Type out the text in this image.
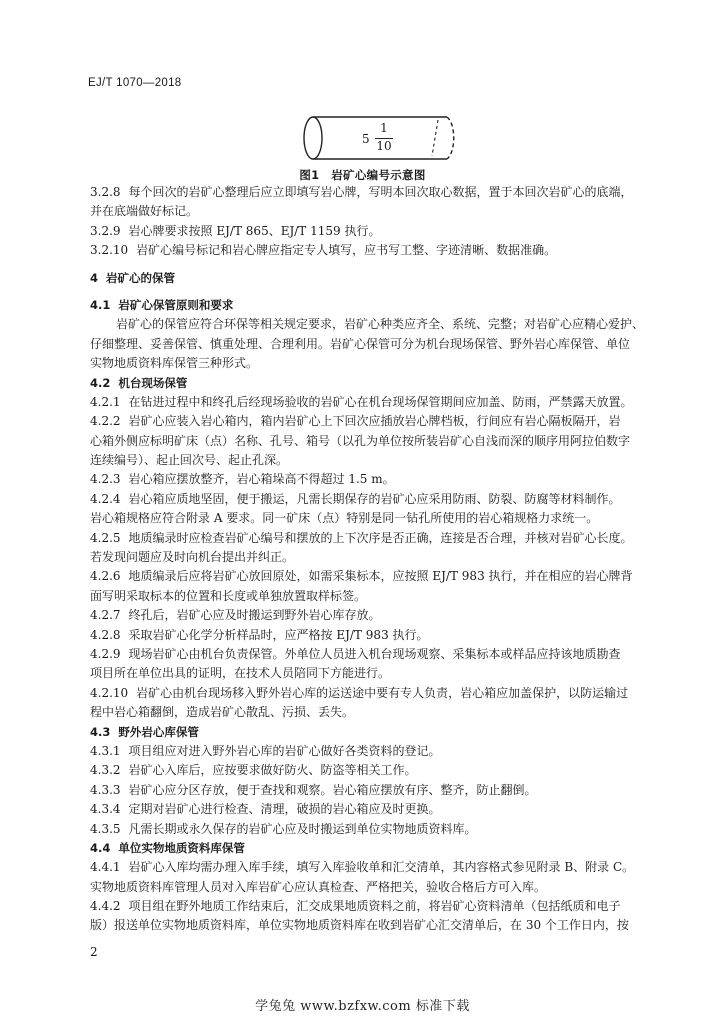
EJ/T 1070—2018
5
1
10
图1　岩矿心编号示意图
3.2.8 每个回次的岩矿心整理后应立即填写岩心牌，写明本回次取心数据，置于本回次岩矿心的底端，
并在底端做好标记。
3.2.9 岩心牌要求按照 EJ/T 865、EJ/T 1159 执行。
3.2.10 岩矿心编号标记和岩心牌应指定专人填写，应书写工整、字迹清晰、数据准确。
4 岩矿心的保管
4.1 岩矿心保管原则和要求
岩矿心的保管应符合环保等相关规定要求，岩矿心种类应齐全、系统、完整；对岩矿心应精心爱护、
仔细整理、妥善保管、慎重处理、合理利用。岩矿心保管可分为机台现场保管、野外岩心库保管、单位
实物地质资料库保管三种形式。
4.2 机台现场保管
4.2.1 在钻进过程中和终孔后经现场验收的岩矿心在机台现场保管期间应加盖、防雨，严禁露天放置。
4.2.2 岩矿心应装入岩心箱内，箱内岩矿心上下回次应插放岩心牌档板，行间应有岩心隔板隔开，岩
心箱外侧应标明矿床（点）名称、孔号、箱号（以孔为单位按所装岩矿心自浅而深的顺序用阿拉伯数字
连续编号）、起止回次号、起止孔深。
4.2.3 岩心箱应摆放整齐，岩心箱垛高不得超过 1.5 m。
4.2.4 岩心箱应质地坚固，便于搬运，凡需长期保存的岩矿心应采用防雨、防裂、防腐等材料制作。
岩心箱规格应符合附录 A 要求。同一矿床（点）特别是同一钻孔所使用的岩心箱规格力求统一。
4.2.5 地质编录时应检查岩矿心编号和摆放的上下次序是否正确，连接是否合理，并核对岩矿心长度。
若发现问题应及时向机台提出并纠正。
4.2.6 地质编录后应将岩矿心放回原处，如需采集标本，应按照 EJ/T 983 执行，并在相应的岩心牌背
面写明采取标本的位置和长度或单独放置取样标签。
4.2.7 终孔后，岩矿心应及时搬运到野外岩心库存放。
4.2.8 采取岩矿心化学分析样品时，应严格按 EJ/T 983 执行。
4.2.9 现场岩矿心由机台负责保管。外单位人员进入机台现场观察、采集标本或样品应持该地质勘查
项目所在单位出具的证明，在技术人员陪同下方能进行。
4.2.10 岩矿心由机台现场移入野外岩心库的运送途中要有专人负责，岩心箱应加盖保护，以防运输过
程中岩心箱翻倒，造成岩矿心散乱、污损、丢失。
4.3 野外岩心库保管
4.3.1 项目组应对进入野外岩心库的岩矿心做好各类资料的登记。
4.3.2 岩矿心入库后，应按要求做好防火、防盗等相关工作。
4.3.3 岩矿心应分区存放，便于查找和观察。岩心箱应摆放有序、整齐，防止翻倒。
4.3.4 定期对岩矿心进行检查、清理，破损的岩心箱应及时更换。
4.3.5 凡需长期或永久保存的岩矿心应及时搬运到单位实物地质资料库。
4.4 单位实物地质资料库保管
4.4.1 岩矿心入库均需办理入库手续，填写入库验收单和汇交清单，其内容格式参见附录 B、附录 C。
实物地质资料库管理人员对入库岩矿心应认真检查、严格把关，验收合格后方可入库。
4.4.2 项目组在野外地质工作结束后，汇交成果地质资料之前，将岩矿心资料清单（包括纸质和电子
版）报送单位实物地质资料库，单位实物地质资料库在收到岩矿心汇交清单后，在 30 个工作日内，按
2
学兔兔 www.bzfxw.com 标准下载
